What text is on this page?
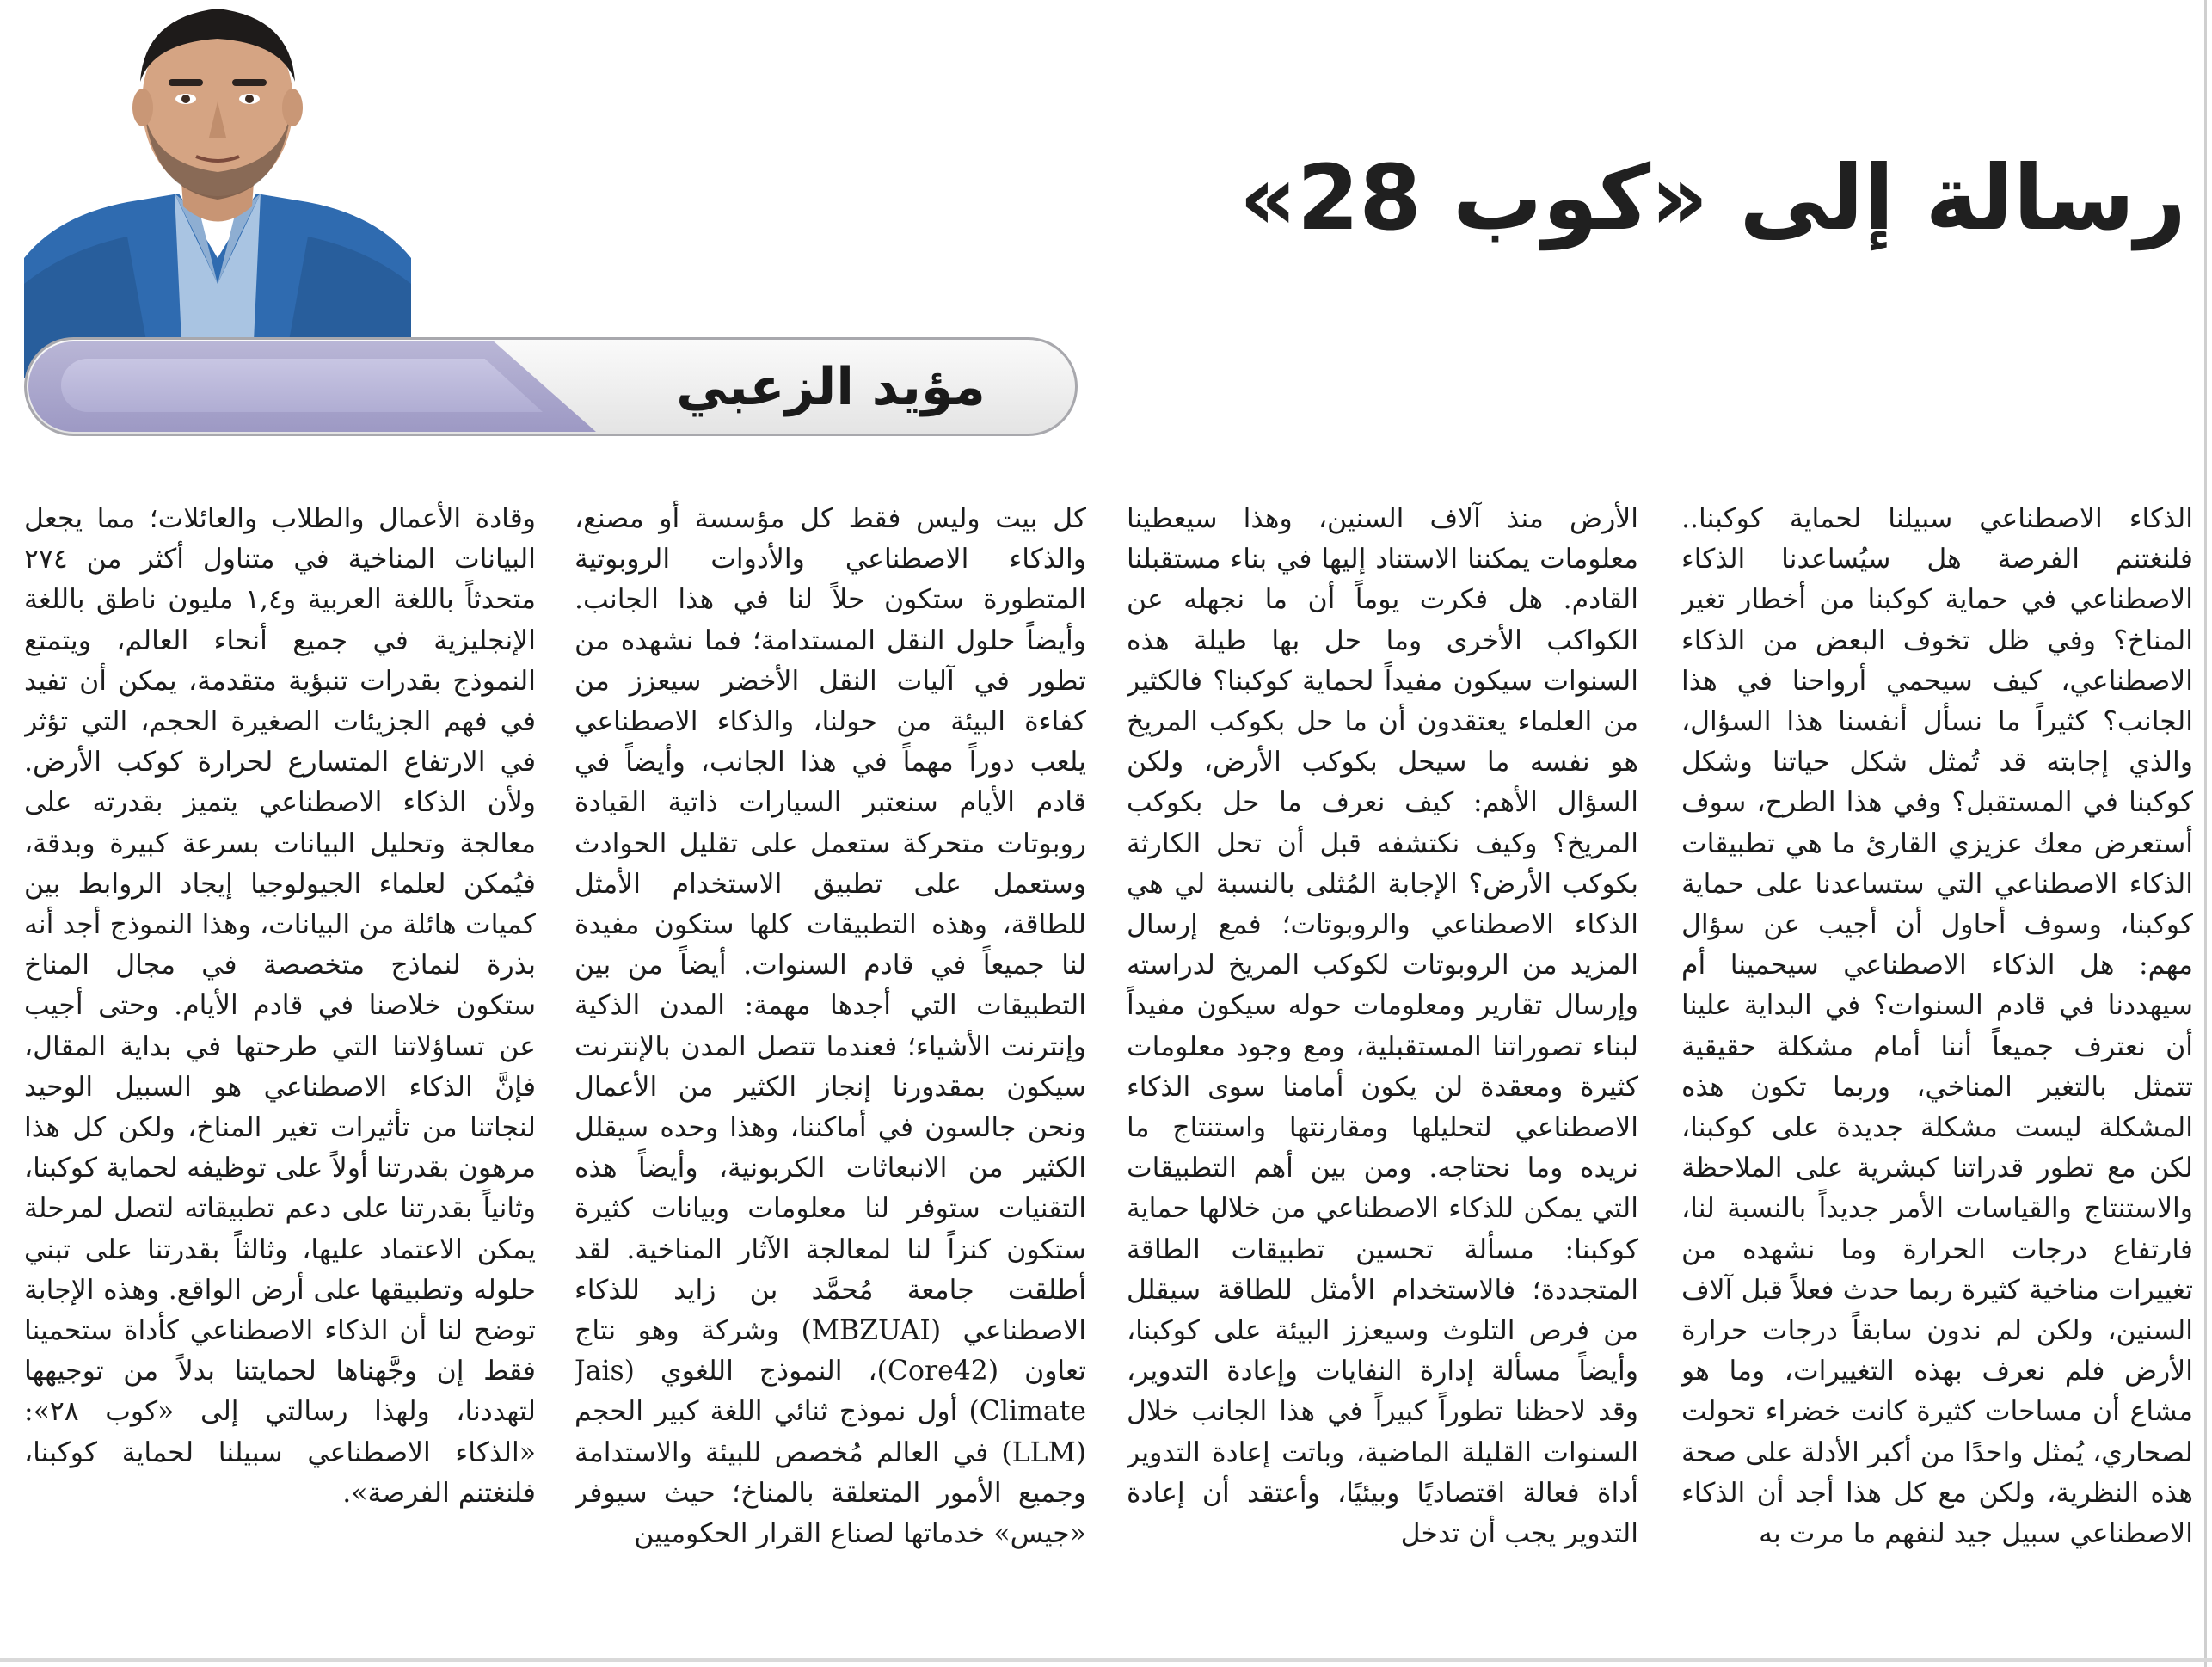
رسالة إلى «كوب 28»
مؤيد الزعبي

الذكاء الاصطناعي سبيلنا لحماية كوكبنا.. فلنغتنم الفرصة هل سيُساعدنا الذكاء الاصطناعي في حماية كوكبنا من أخطار تغير المناخ؟ وفي ظل تخوف البعض من الذكاء الاصطناعي، كيف سيحمي أرواحنا في هذا الجانب؟ كثيراً ما نسأل أنفسنا هذا السؤال، والذي إجابته قد تُمثل شكل حياتنا وشكل كوكبنا في المستقبل؟ وفي هذا الطرح، سوف أستعرض معك عزيزي القارئ ما هي تطبيقات الذكاء الاصطناعي التي ستساعدنا على حماية كوكبنا، وسوف أحاول أن أجيب عن سؤال مهم: هل الذكاء الاصطناعي سيحمينا أم سيهددنا في قادم السنوات؟ في البداية علينا أن نعترف جميعاً أننا أمام مشكلة حقيقية تتمثل بالتغير المناخي، وربما تكون هذه المشكلة ليست مشكلة جديدة على كوكبنا، لكن مع تطور قدراتنا كبشرية على الملاحظة والاستنتاج والقياسات الأمر جديداً بالنسبة لنا، فارتفاع درجات الحرارة وما نشهده من تغييرات مناخية كثيرة ربما حدث فعلاً قبل آلاف السنين، ولكن لم ندون سابقاً درجات حرارة الأرض فلم نعرف بهذه التغييرات، وما هو مشاع أن مساحات كثيرة كانت خضراء تحولت لصحاري، يُمثل واحدًا من أكبر الأدلة على صحة هذه النظرية، ولكن مع كل هذا أجد أن الذكاء الاصطناعي سبيل جيد لنفهم ما مرت به

الأرض منذ آلاف السنين، وهذا سيعطينا معلومات يمكننا الاستناد إليها في بناء مستقبلنا القادم. هل فكرت يوماً أن ما نجهله عن الكواكب الأخرى وما حل بها طيلة هذه السنوات سيكون مفيداً لحماية كوكبنا؟ فالكثير من العلماء يعتقدون أن ما حل بكوكب المريخ هو نفسه ما سيحل بكوكب الأرض، ولكن السؤال الأهم: كيف نعرف ما حل بكوكب المريخ؟ وكيف نكتشفه قبل أن تحل الكارثة بكوكب الأرض؟ الإجابة المُثلى بالنسبة لي هي الذكاء الاصطناعي والروبوتات؛ فمع إرسال المزيد من الروبوتات لكوكب المريخ لدراسته وإرسال تقارير ومعلومات حوله سيكون مفيداً لبناء تصوراتنا المستقبلية، ومع وجود معلومات كثيرة ومعقدة لن يكون أمامنا سوى الذكاء الاصطناعي لتحليلها ومقارنتها واستنتاج ما نريده وما نحتاجه. ومن بين أهم التطبيقات التي يمكن للذكاء الاصطناعي من خلالها حماية كوكبنا: مسألة تحسين تطبيقات الطاقة المتجددة؛ فالاستخدام الأمثل للطاقة سيقلل من فرص التلوث وسيعزز البيئة على كوكبنا، وأيضاً مسألة إدارة النفايات وإعادة التدوير، وقد لاحظنا تطوراً كبيراً في هذا الجانب خلال السنوات القليلة الماضية، وباتت إعادة التدوير أداة فعالة اقتصاديًا وبيئيًا، وأعتقد أن إعادة التدوير يجب أن تدخل

كل بيت وليس فقط كل مؤسسة أو مصنع، والذكاء الاصطناعي والأدوات الروبوتية المتطورة ستكون حلاً لنا في هذا الجانب. وأيضاً حلول النقل المستدامة؛ فما نشهده من تطور في آليات النقل الأخضر سيعزز من كفاءة البيئة من حولنا، والذكاء الاصطناعي يلعب دوراً مهماً في هذا الجانب، وأيضاً في قادم الأيام سنعتبر السيارات ذاتية القيادة روبوتات متحركة ستعمل على تقليل الحوادث وستعمل على تطبيق الاستخدام الأمثل للطاقة، وهذه التطبيقات كلها ستكون مفيدة لنا جميعاً في قادم السنوات. أيضاً من بين التطبيقات التي أجدها مهمة: المدن الذكية وإنترنت الأشياء؛ فعندما تتصل المدن بالإنترنت سيكون بمقدورنا إنجاز الكثير من الأعمال ونحن جالسون في أماكننا، وهذا وحده سيقلل الكثير من الانبعاثات الكربونية، وأيضاً هذه التقنيات ستوفر لنا معلومات وبيانات كثيرة ستكون كنزاً لنا لمعالجة الآثار المناخية. لقد أطلقت جامعة مُحمَّد بن زايد للذكاء الاصطناعي (MBZUAI) وشركة وهو نتاج تعاون (Core42)، النموذج اللغوي (Jais Climate) أول نموذج ثنائي اللغة كبير الحجم (LLM) في العالم مُخصص للبيئة والاستدامة وجميع الأمور المتعلقة بالمناخ؛ حيث سيوفر «جيس» خدماتها لصناع القرار الحكوميين

وقادة الأعمال والطلاب والعائلات؛ مما يجعل البيانات المناخية في متناول أكثر من ٢٧٤ متحدثاً باللغة العربية و١,٤ مليون ناطق باللغة الإنجليزية في جميع أنحاء العالم، ويتمتع النموذج بقدرات تنبؤية متقدمة، يمكن أن تفيد في فهم الجزيئات الصغيرة الحجم، التي تؤثر في الارتفاع المتسارع لحرارة كوكب الأرض. ولأن الذكاء الاصطناعي يتميز بقدرته على معالجة وتحليل البيانات بسرعة كبيرة وبدقة، فيُمكن لعلماء الجيولوجيا إيجاد الروابط بين كميات هائلة من البيانات، وهذا النموذج أجد أنه بذرة لنماذج متخصصة في مجال المناخ ستكون خلاصنا في قادم الأيام. وحتى أجيب عن تساؤلاتنا التي طرحتها في بداية المقال، فإنَّ الذكاء الاصطناعي هو السبيل الوحيد لنجاتنا من تأثيرات تغير المناخ، ولكن كل هذا مرهون بقدرتنا أولاً على توظيفه لحماية كوكبنا، وثانياً بقدرتنا على دعم تطبيقاته لتصل لمرحلة يمكن الاعتماد عليها، وثالثاً بقدرتنا على تبني حلوله وتطبيقها على أرض الواقع. وهذه الإجابة توضح لنا أن الذكاء الاصطناعي كأداة ستحمينا فقط إن وجَّهناها لحمايتنا بدلاً من توجيهها لتهددنا، ولهذا رسالتي إلى «كوب ٢٨»: «الذكاء الاصطناعي سبيلنا لحماية كوكبنا، فلنغتنم الفرصة».
